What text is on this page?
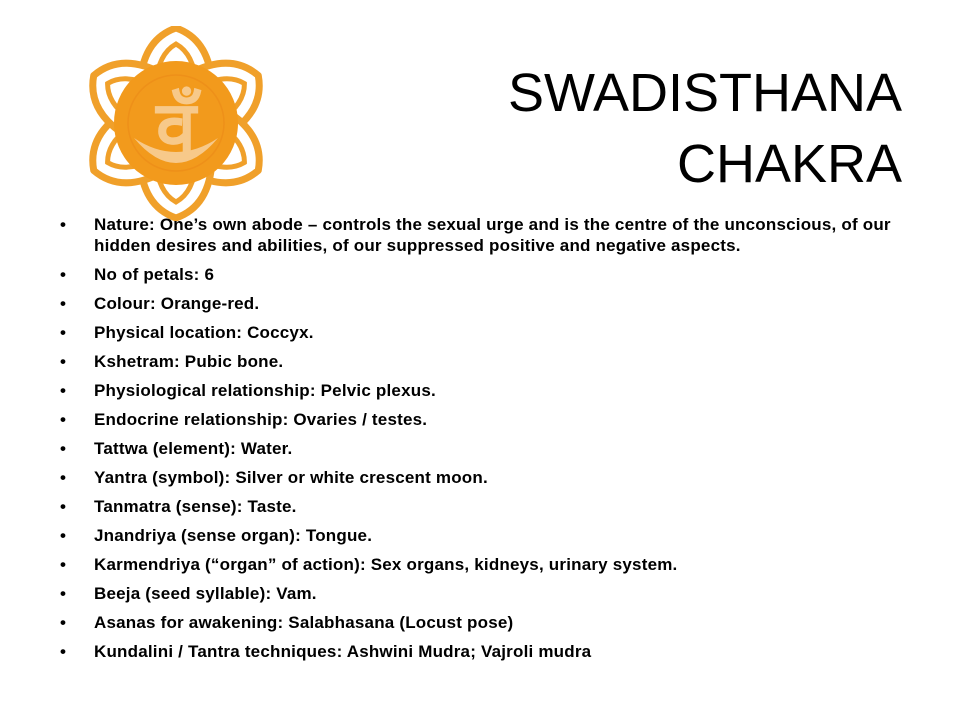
वँ	SWADISTHANA
CHAKRA
• Nature: One’s own abode – controls the sexual urge and is the centre of the unconscious, of our hidden desires and abilities, of our suppressed positive and negative aspects.
• No of petals: 6
• Colour: Orange-red.
• Physical location: Coccyx.
• Kshetram: Pubic bone.
• Physiological relationship: Pelvic plexus.
• Endocrine relationship: Ovaries / testes.
• Tattwa (element): Water.
• Yantra (symbol): Silver or white crescent moon.
• Tanmatra (sense): Taste.
• Jnandriya (sense organ): Tongue.
• Karmendriya (“organ” of action): Sex organs, kidneys, urinary system.
• Beeja (seed syllable): Vam.
• Asanas for awakening: Salabhasana (Locust pose)
• Kundalini / Tantra techniques: Ashwini Mudra; Vajroli mudra
